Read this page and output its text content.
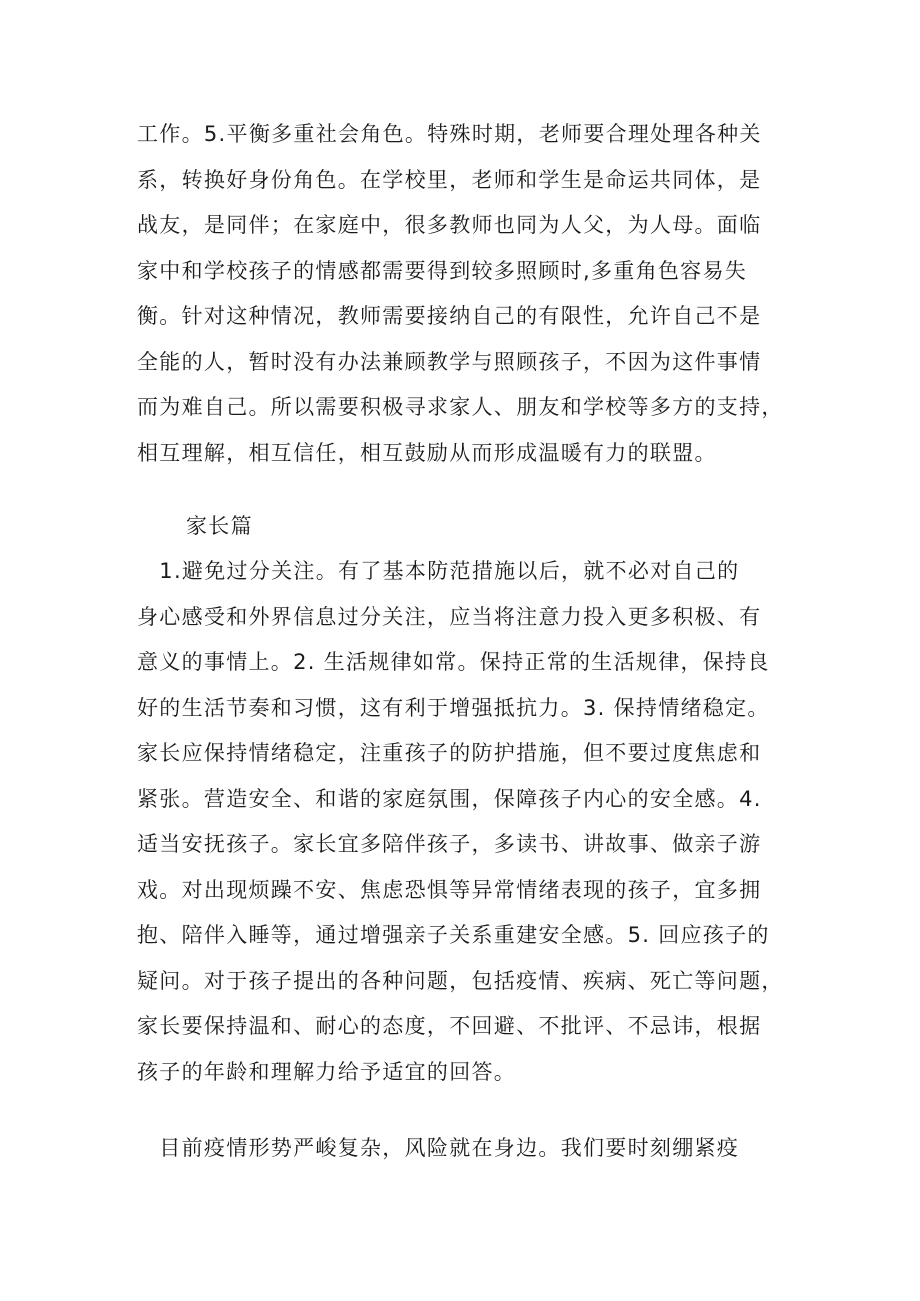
工作。5.平衡多重社会角色。特殊时期，老师要合理处理各种关
系，转换好身份角色。在学校里，老师和学生是命运共同体，是
战友，是同伴；在家庭中，很多教师也同为人父，为人母。面临
家中和学校孩子的情感都需要得到较多照顾时,多重角色容易失
衡。针对这种情况，教师需要接纳自己的有限性，允许自己不是
全能的人，暂时没有办法兼顾教学与照顾孩子，不因为这件事情
而为难自己。所以需要积极寻求家人、朋友和学校等多方的支持，
相互理解，相互信任，相互鼓励从而形成温暖有力的联盟。
家长篇
　1.避免过分关注。有了基本防范措施以后，就不必对自己的
身心感受和外界信息过分关注，应当将注意力投入更多积极、有
意义的事情上。2. 生活规律如常。保持正常的生活规律，保持良
好的生活节奏和习惯，这有利于增强抵抗力。3. 保持情绪稳定。
家长应保持情绪稳定，注重孩子的防护措施，但不要过度焦虑和
紧张。营造安全、和谐的家庭氛围，保障孩子内心的安全感。4.
适当安抚孩子。家长宜多陪伴孩子，多读书、讲故事、做亲子游
戏。对出现烦躁不安、焦虑恐惧等异常情绪表现的孩子，宜多拥
抱、陪伴入睡等，通过增强亲子关系重建安全感。5. 回应孩子的
疑问。对于孩子提出的各种问题，包括疫情、疾病、死亡等问题，
家长要保持温和、耐心的态度，不回避、不批评、不忌讳，根据
孩子的年龄和理解力给予适宜的回答。
　目前疫情形势严峻复杂，风险就在身边。我们要时刻绷紧疫
